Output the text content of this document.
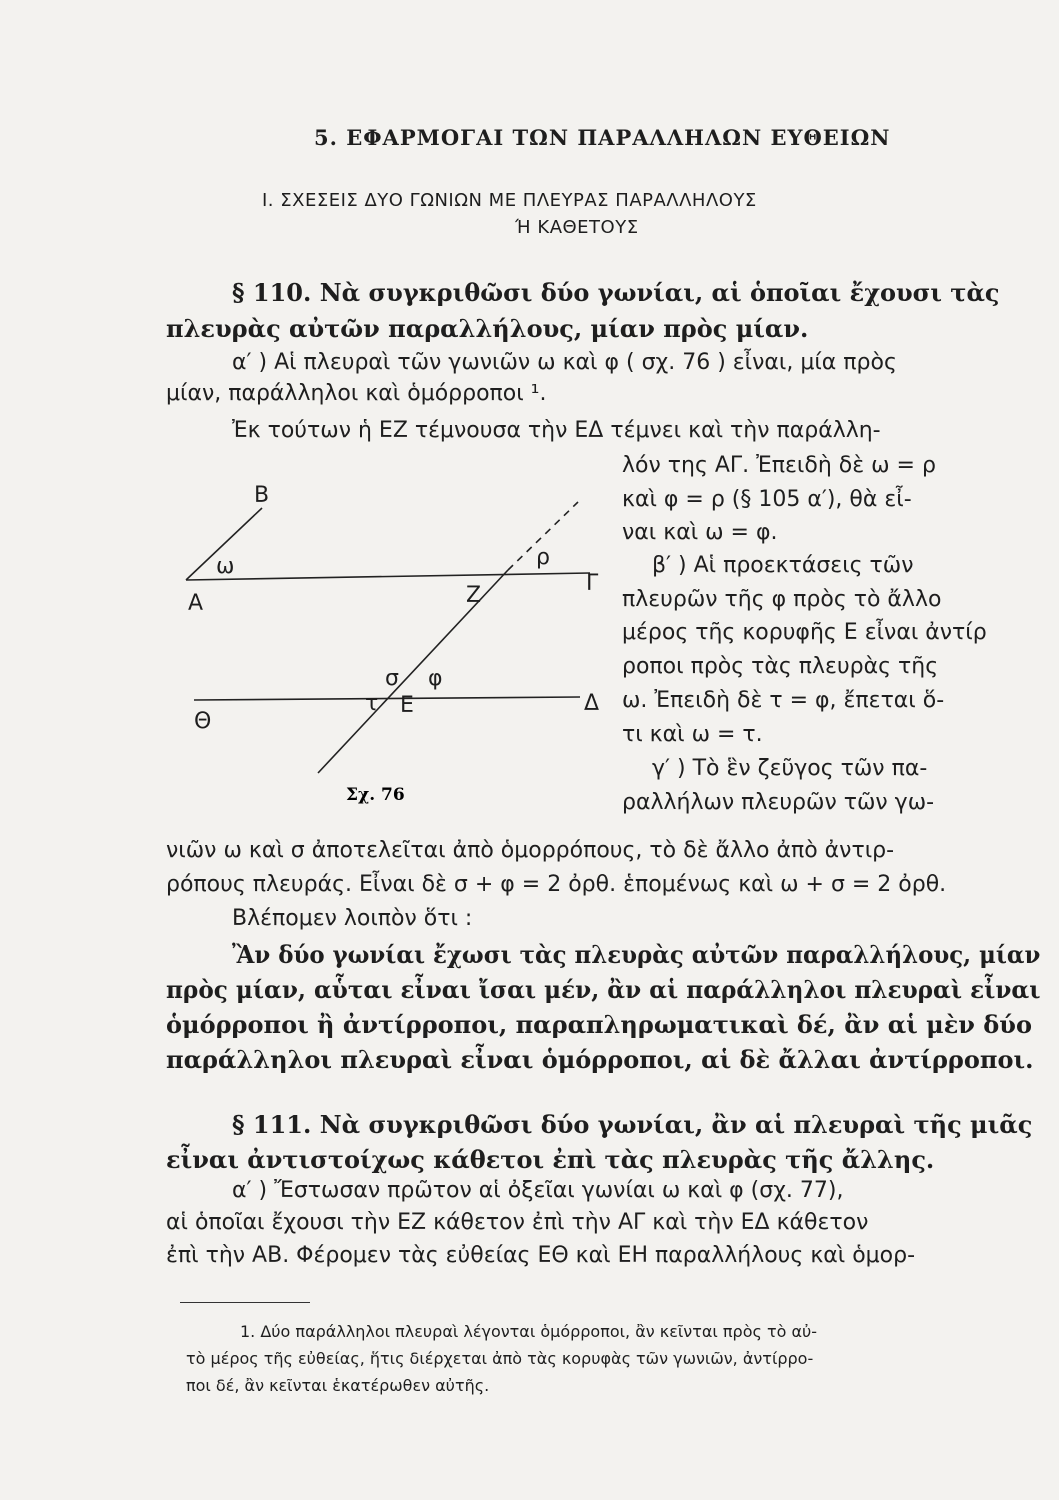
5. ΕΦΑΡΜΟΓΑΙ ΤΩΝ ΠΑΡΑΛΛΗΛΩΝ ΕΥΘΕΙΩΝ
Ι. ΣΧΕΣΕΙΣ ΔΥΟ ΓΩΝΙΩΝ ΜΕ ΠΛΕΥΡΑΣ ΠΑΡΑΛΛΗΛΟΥΣ
Ή ΚΑΘΕΤΟΥΣ
§ 110. Νὰ συγκριθῶσι δύο γωνίαι, αἱ ὁποῖαι ἔχουσι τὰς
πλευρὰς αὐτῶν παραλλήλους, μίαν πρὸς μίαν.
α′ ) Αἱ πλευραὶ τῶν γωνιῶν ω καὶ φ ( σχ. 76 ) εἶναι, μία πρὸς
μίαν, παράλληλοι καὶ ὁμόρροποι ¹.
Ἐκ τούτων ἡ ΕΖ τέμνουσα τὴν ΕΔ τέμνει καὶ τὴν παράλλη-
λόν της ΑΓ. Ἐπειδὴ δὲ ω = ρ
καὶ φ = ρ (§ 105 α′), θὰ εἶ-
ναι καὶ ω = φ.
β′ ) Αἱ προεκτάσεις τῶν
πλευρῶν τῆς φ πρὸς τὸ ἄλλο
μέρος τῆς κορυφῆς Ε εἶναι ἀντίρ
ροποι πρὸς τὰς πλευρὰς τῆς
ω. Ἐπειδὴ δὲ τ = φ, ἔπεται ὅ-
τι καὶ ω = τ.
γ′ ) Τὸ ἓν ζεῦγος τῶν πα-
ραλλήλων πλευρῶν τῶν γω-
Β
ω
Α
ρ
Ζ	Γ
σ φ
Θ
τ Ε	Δ
Σχ. 76
νιῶν ω καὶ σ ἀποτελεῖται ἀπὸ ὁμορρόπους, τὸ δὲ ἄλλο ἀπὸ ἀντιρ-
ρόπους πλευράς. Εἶναι δὲ σ + φ = 2 ὀρθ. ἑπομένως καὶ ω + σ = 2 ὀρθ.
Βλέπομεν λοιπὸν ὅτι :
Ἂν δύο γωνίαι ἔχωσι τὰς πλευρὰς αὐτῶν παραλλήλους, μίαν
πρὸς μίαν, αὗται εἶναι ἴσαι μέν, ἂν αἱ παράλληλοι πλευραὶ εἶναι
ὁμόρροποι ἢ ἀντίρροποι, παραπληρωματικαὶ δέ, ἂν αἱ μὲν δύο
παράλληλοι πλευραὶ εἶναι ὁμόρροποι, αἱ δὲ ἄλλαι ἀντίρροποι.
§ 111. Νὰ συγκριθῶσι δύο γωνίαι, ἂν αἱ πλευραὶ τῆς μιᾶς
εἶναι ἀντιστοίχως κάθετοι ἐπὶ τὰς πλευρὰς τῆς ἄλλης.
α′ ) Ἔστωσαν πρῶτον αἱ ὀξεῖαι γωνίαι ω καὶ φ (σχ. 77),
αἱ ὁποῖαι ἔχουσι τὴν ΕΖ κάθετον ἐπὶ τὴν ΑΓ καὶ τὴν ΕΔ κάθετον
ἐπὶ τὴν ΑΒ. Φέρομεν τὰς εὐθείας ΕΘ καὶ ΕΗ παραλλήλους καὶ ὁμορ-
1. Δύο παράλληλοι πλευραὶ λέγονται ὁμόρροποι, ἂν κεῖνται πρὸς τὸ αὐ-
τὸ μέρος τῆς εὐθείας, ἥτις διέρχεται ἀπὸ τὰς κορυφὰς τῶν γωνιῶν, ἀντίρρο-
ποι δέ, ἂν κεῖνται ἑκατέρωθεν αὐτῆς.
